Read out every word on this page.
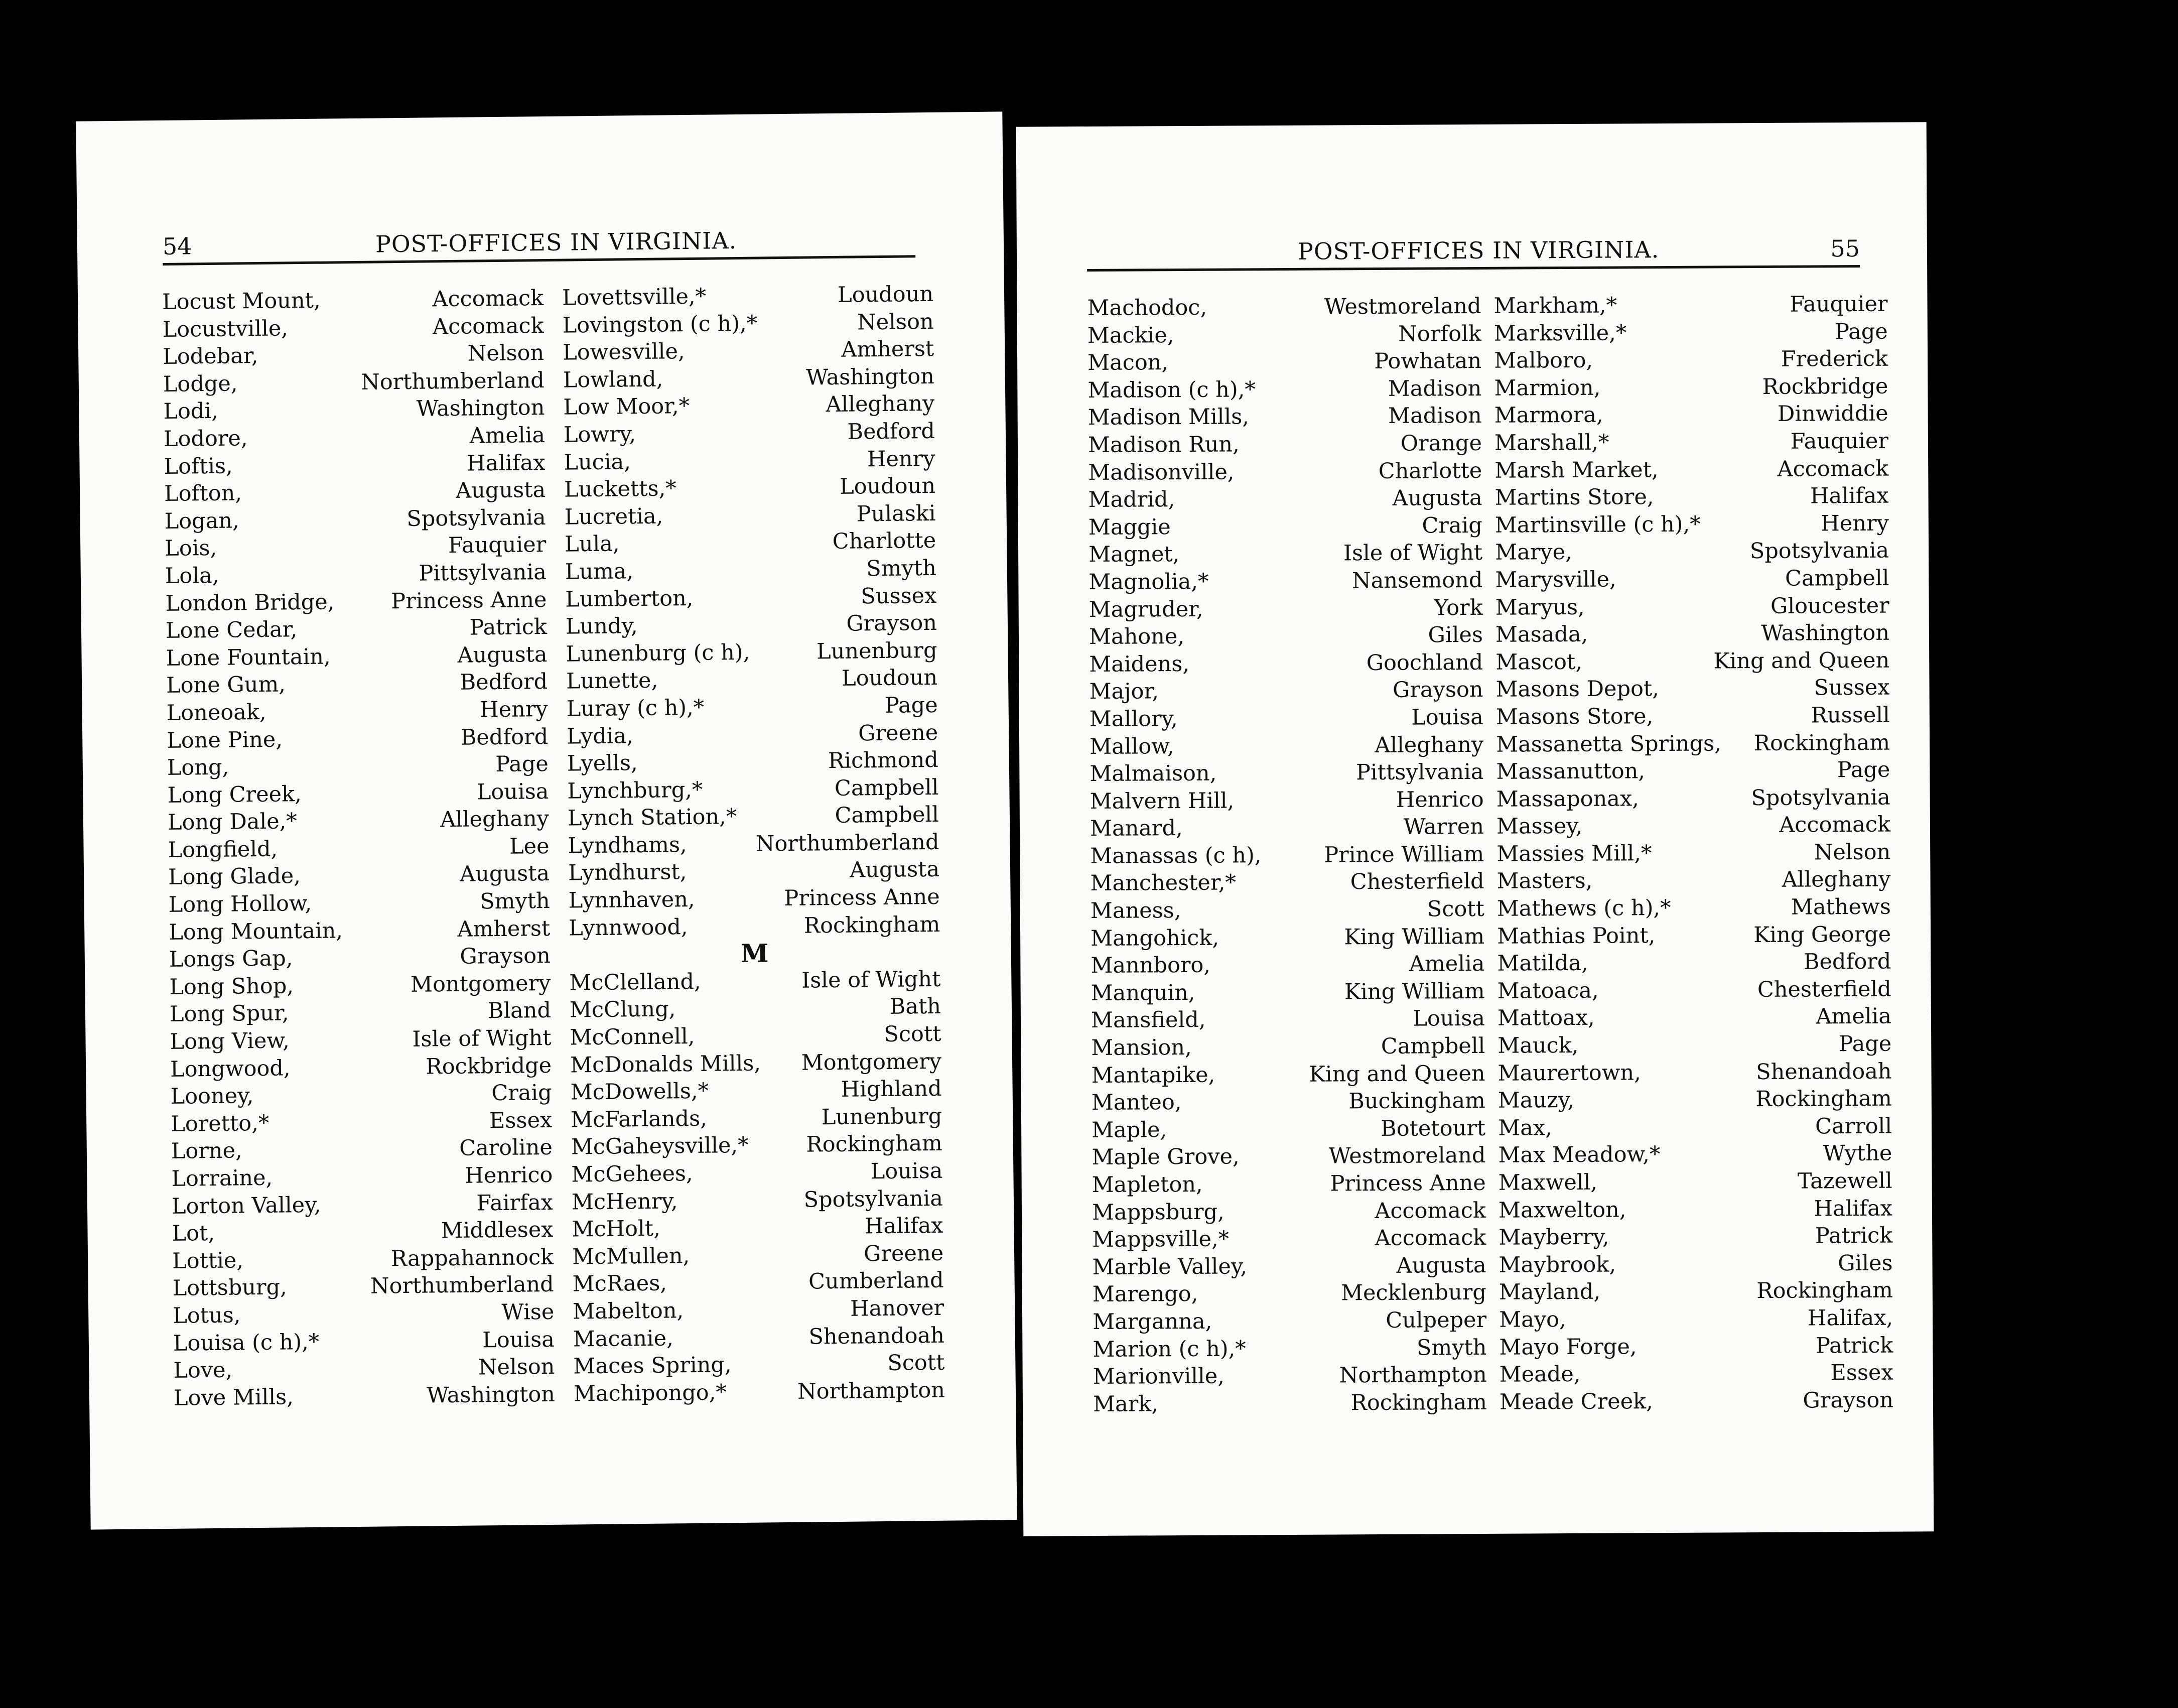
54	POST-OFFICES IN VIRGINIA.
Locust Mount,	Accomack
Locustville,	Accomack
Lodebar,	Nelson
Lodge,	Northumberland
Lodi,	Washington
Lodore,	Amelia
Loftis,	Halifax
Lofton,	Augusta
Logan,	Spotsylvania
Lois,	Fauquier
Lola,	Pittsylvania
London Bridge,	Princess Anne
Lone Cedar,	Patrick
Lone Fountain,	Augusta
Lone Gum,	Bedford
Loneoak,	Henry
Lone Pine,	Bedford
Long,	Page
Long Creek,	Louisa
Long Dale,*	Alleghany
Longfield,	Lee
Long Glade,	Augusta
Long Hollow,	Smyth
Long Mountain,	Amherst
Longs Gap,	Grayson
Long Shop,	Montgomery
Long Spur,	Bland
Long View,	Isle of Wight
Longwood,	Rockbridge
Looney,	Craig
Loretto,*	Essex
Lorne,	Caroline
Lorraine,	Henrico
Lorton Valley,	Fairfax
Lot,	Middlesex
Lottie,	Rappahannock
Lottsburg,	Northumberland
Lotus,	Wise
Louisa (c h),*	Louisa
Love,	Nelson
Love Mills,	Washington
Lovettsville,*	Loudoun
Lovingston (c h),*	Nelson
Lowesville,	Amherst
Lowland,	Washington
Low Moor,*	Alleghany
Lowry,	Bedford
Lucia,	Henry
Lucketts,*	Loudoun
Lucretia,	Pulaski
Lula,	Charlotte
Luma,	Smyth
Lumberton,	Sussex
Lundy,	Grayson
Lunenburg (c h),	Lunenburg
Lunette,	Loudoun
Luray (c h),*	Page
Lydia,	Greene
Lyells,	Richmond
Lynchburg,*	Campbell
Lynch Station,*	Campbell
Lyndhams,	Northumberland
Lyndhurst,	Augusta
Lynnhaven,	Princess Anne
Lynnwood,	Rockingham
M
McClelland,	Isle of Wight
McClung,	Bath
McConnell,	Scott
McDonalds Mills, Montgomery
McDowells,*	Highland
McFarlands,	Lunenburg
McGaheysville,*	Rockingham
McGehees,	Louisa
McHenry,	Spotsylvania
McHolt,	Halifax
McMullen,	Greene
McRaes,	Cumberland
Mabelton,	Hanover
Macanie,	Shenandoah
Maces Spring,	Scott
Machipongo,*	Northampton
POST-OFFICES IN VIRGINIA.	55
Machodoc,	Westmoreland
Mackie,	Norfolk
Macon,	Powhatan
Madison (c h),*	Madison
Madison Mills,	Madison
Madison Run,	Orange
Madisonville,	Charlotte
Madrid,	Augusta
Maggie	Craig
Magnet,	Isle of Wight
Magnolia,*	Nansemond
Magruder,	York
Mahone,	Giles
Maidens,	Goochland
Major,	Grayson
Mallory,	Louisa
Mallow,	Alleghany
Malmaison,	Pittsylvania
Malvern Hill,	Henrico
Manard,	Warren
Manassas (c h),	Prince William
Manchester,*	Chesterfield
Maness,	Scott
Mangohick,	King William
Mannboro,	Amelia
Manquin,	King William
Mansfield,	Louisa
Mansion,	Campbell
Mantapike,	King and Queen
Manteo,	Buckingham
Maple,	Botetourt
Maple Grove,	Westmoreland
Mapleton,	Princess Anne
Mappsburg,	Accomack
Mappsville,*	Accomack
Marble Valley,	Augusta
Marengo,	Mecklenburg
Marganna,	Culpeper
Marion (c h),*	Smyth
Marionville,	Northampton
Mark,	Rockingham
Markham,*	Fauquier
Marksville,*	Page
Malboro,	Frederick
Marmion,	Rockbridge
Marmora,	Dinwiddie
Marshall,*	Fauquier
Marsh Market,	Accomack
Martins Store,	Halifax
Martinsville (c h),*	Henry
Marye,	Spotsylvania
Marysville,	Campbell
Maryus,	Gloucester
Masada,	Washington
Mascot,	King and Queen
Masons Depot,	Sussex
Masons Store,	Russell
Massanetta Springs, Rockingham
Massanutton,	Page
Massaponax,	Spotsylvania
Massey,	Accomack
Massies Mill,*	Nelson
Masters,	Alleghany
Mathews (c h),*	Mathews
Mathias Point,	King George
Matilda,	Bedford
Matoaca,	Chesterfield
Mattoax,	Amelia
Mauck,	Page
Maurertown,	Shenandoah
Mauzy,	Rockingham
Max,	Carroll
Max Meadow,*	Wythe
Maxwell,	Tazewell
Maxwelton,	Halifax
Mayberry,	Patrick
Maybrook,	Giles
Mayland,	Rockingham
Mayo,	Halifax,
Mayo Forge,	Patrick
Meade,	Essex
Meade Creek,	Grayson
